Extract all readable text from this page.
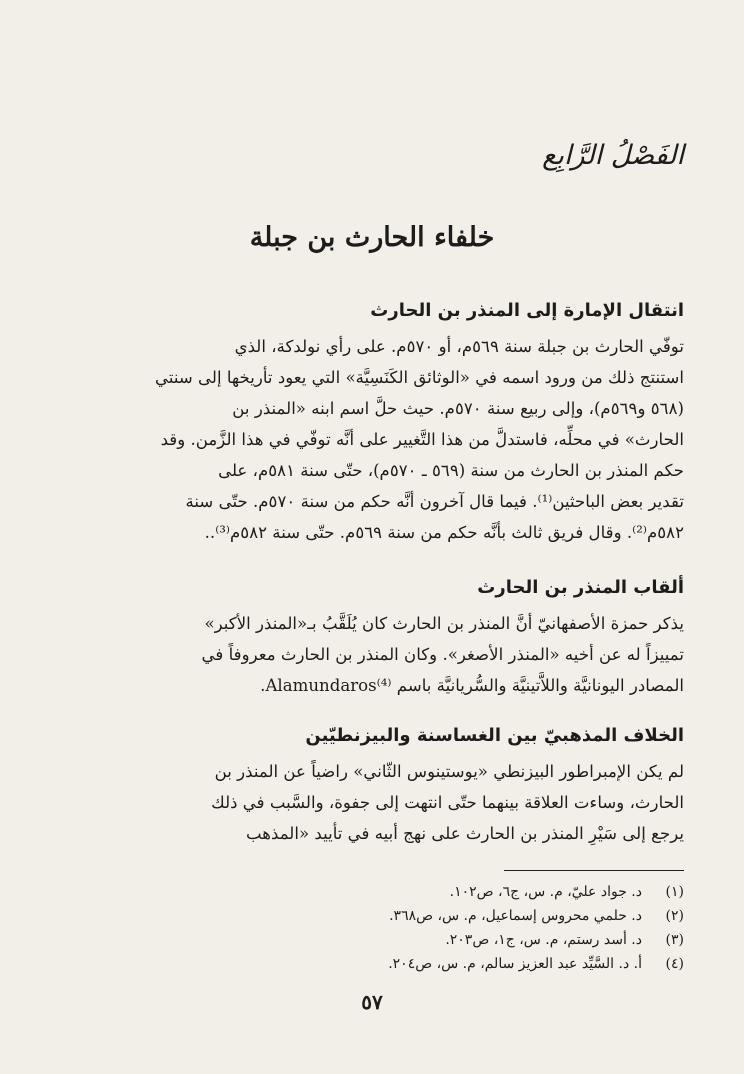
الفَصْلُ الرَّابِع
خلفاء الحارث بن جبلة
انتقال الإمارة إلى المنذر بن الحارث

توفّي الحارث بن جبلة سنة ٥٦٩م، أو ٥٧٠م. على رأي نولدكة، الذي
استنتج ذلك من ورود اسمه في «الوثائق الكَنَسِيَّة» التي يعود تأريخها إلى سنتي
(٥٦٨ و٥٦٩م)، وإلى ربيع سنة ٥٧٠م. حيث حلَّ اسم ابنه «المنذر بن
الحارث» في محلِّه، فاستدلَّ من هذا التَّغيير على أنَّه توفّي في هذا الزَّمن. وقد
حكم المنذر بن الحارث من سنة (٥٦٩ ـ ٥٧٠م)، حتّى سنة ٥٨١م، على
تقدير بعض الباحثين⁽¹⁾. فيما قال آخرون أنَّه حكم من سنة ٥٧٠م. حتّى سنة
٥٨٢م⁽²⁾. وقال فريق ثالث بأنَّه حكم من سنة ٥٦٩م. حتّى سنة ٥٨٢م⁽³⁾..

ألقاب المنذر بن الحارث

يذكر حمزة الأصفهانيّ أنَّ المنذر بن الحارث كان يُلَقَّبُ بـ«المنذر الأكبر»
تمييزاً له عن أخيه «المنذر الأصغر». وكان المنذر بن الحارث معروفاً في
المصادر اليونانيَّة واللاَّتينيَّة والسُّريانيَّة باسم Alamundaros⁽⁴⁾.

الخلاف المذهبيّ بين الغساسنة والبيزنطيّين

لم يكن الإمبراطور البيزنطي «يوستينوس الثّاني» راضياً عن المنذر بن
الحارث، وساءت العلاقة بينهما حتّى انتهت إلى جفوة، والسَّبب في ذلك
يرجع إلى سَيْرِ المنذر بن الحارث على نهج أبيه في تأييد «المذهب

(١)
د. جواد عليّ، م. س، ج٦، ص١٠٢.
(٢)
د. حلمي محروس إسماعيل، م. س، ص٣٦٨.
(٣)
د. أسد رستم، م. س، ج١، ص٢٠٣.
(٤)
أ. د. السَّيِّد عبد العزيز سالم، م. س، ص٢٠٤.
٥٧
